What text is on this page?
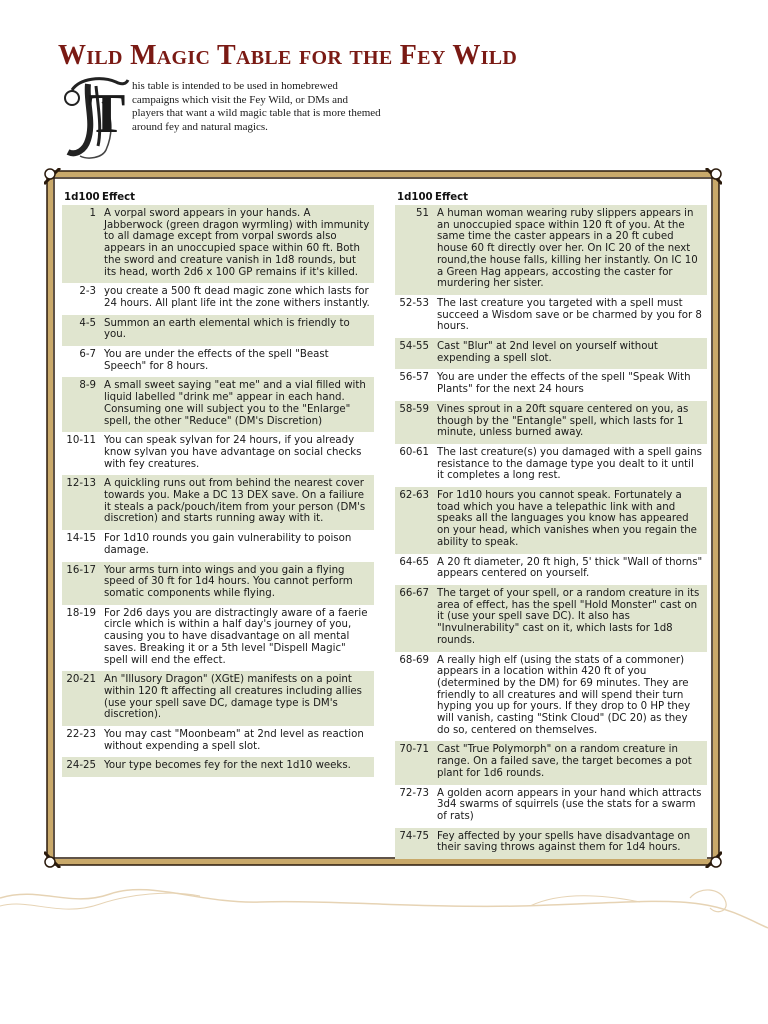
Wild Magic Table for the Fey Wild
T his table is intended to be used in homebrewed campaigns which visit the Fey Wild, or DMs and players that want a wild magic table that is more themed around fey and natural magics.
1d100 Effect
1 A vorpal sword appears in your hands. A Jabberwock (green dragon wyrmling) with immunity to all damage except from vorpal swords also appears in an unoccupied space within 60 ft. Both the sword and creature vanish in 1d8 rounds, but its head, worth 2d6 x 100 GP remains if it's killed.
2-3 you create a 500 ft dead magic zone which lasts for 24 hours. All plant life int the zone withers instantly.
4-5 Summon an earth elemental which is friendly to you.
6-7 You are under the effects of the spell "Beast Speech" for 8 hours.
8-9 A small sweet saying "eat me" and a vial filled with liquid labelled "drink me" appear in each hand. Consuming one will subject you to the "Enlarge" spell, the other "Reduce" (DM's Discretion)
10-11 You can speak sylvan for 24 hours, if you already know sylvan you have advantage on social checks with fey creatures.
12-13 A quickling runs out from behind the nearest cover towards you. Make a DC 13 DEX save. On a failiure it steals a pack/pouch/item from your person (DM's discretion) and starts running away with it.
14-15 For 1d10 rounds you gain vulnerability to poison damage.
16-17 Your arms turn into wings and you gain a flying speed of 30 ft for 1d4 hours. You cannot perform somatic components while flying.
18-19 For 2d6 days you are distractingly aware of a faerie circle which is within a half day's journey of you, causing you to have disadvantage on all mental saves. Breaking it or a 5th level "Dispell Magic" spell will end the effect.
20-21 An "Illusory Dragon" (XGtE) manifests on a point within 120 ft affecting all creatures including allies (use your spell save DC, damage type is DM's discretion).
22-23 You may cast "Moonbeam" at 2nd level as reaction without expending a spell slot.
24-25 Your type becomes fey for the next 1d10 weeks.
1d100 Effect
51 A human woman wearing ruby slippers appears in an unoccupied space within 120 ft of you. At the same time the caster appears in a 20 ft cubed house 60 ft directly over her. On IC 20 of the next round,the house falls, killing her instantly. On IC 10 a Green Hag appears, accosting the caster for murdering her sister.
52-53 The last creature you targeted with a spell must succeed a Wisdom save or be charmed by you for 8 hours.
54-55 Cast "Blur" at 2nd level on yourself without expending a spell slot.
56-57 You are under the effects of the spell "Speak With Plants" for the next 24 hours
58-59 Vines sprout in a 20ft square centered on you, as though by the "Entangle" spell, which lasts for 1 minute, unless burned away.
60-61 The last creature(s) you damaged with a spell gains resistance to the damage type you dealt to it until it completes a long rest.
62-63 For 1d10 hours you cannot speak. Fortunately a toad which you have a telepathic link with and speaks all the languages you know has appeared on your head, which vanishes when you regain the ability to speak.
64-65 A 20 ft diameter, 20 ft high, 5' thick "Wall of thorns" appears centered on yourself.
66-67 The target of your spell, or a random creature in its area of effect, has the spell "Hold Monster" cast on it (use your spell save DC). It also has "Invulnerability" cast on it, which lasts for 1d8 rounds.
68-69 A really high elf (using the stats of a commoner) appears in a location within 420 ft of you (determined by the DM) for 69 minutes. They are friendly to all creatures and will spend their turn hyping you up for yours. If they drop to 0 HP they will vanish, casting "Stink Cloud" (DC 20) as they do so, centered on themselves.
70-71 Cast "True Polymorph" on a random creature in range. On a failed save, the target becomes a pot plant for 1d6 rounds.
72-73 A golden acorn appears in your hand which attracts 3d4 swarms of squirrels (use the stats for a swarm of rats)
74-75 Fey affected by your spells have disadvantage on their saving throws against them for 1d4 hours.
